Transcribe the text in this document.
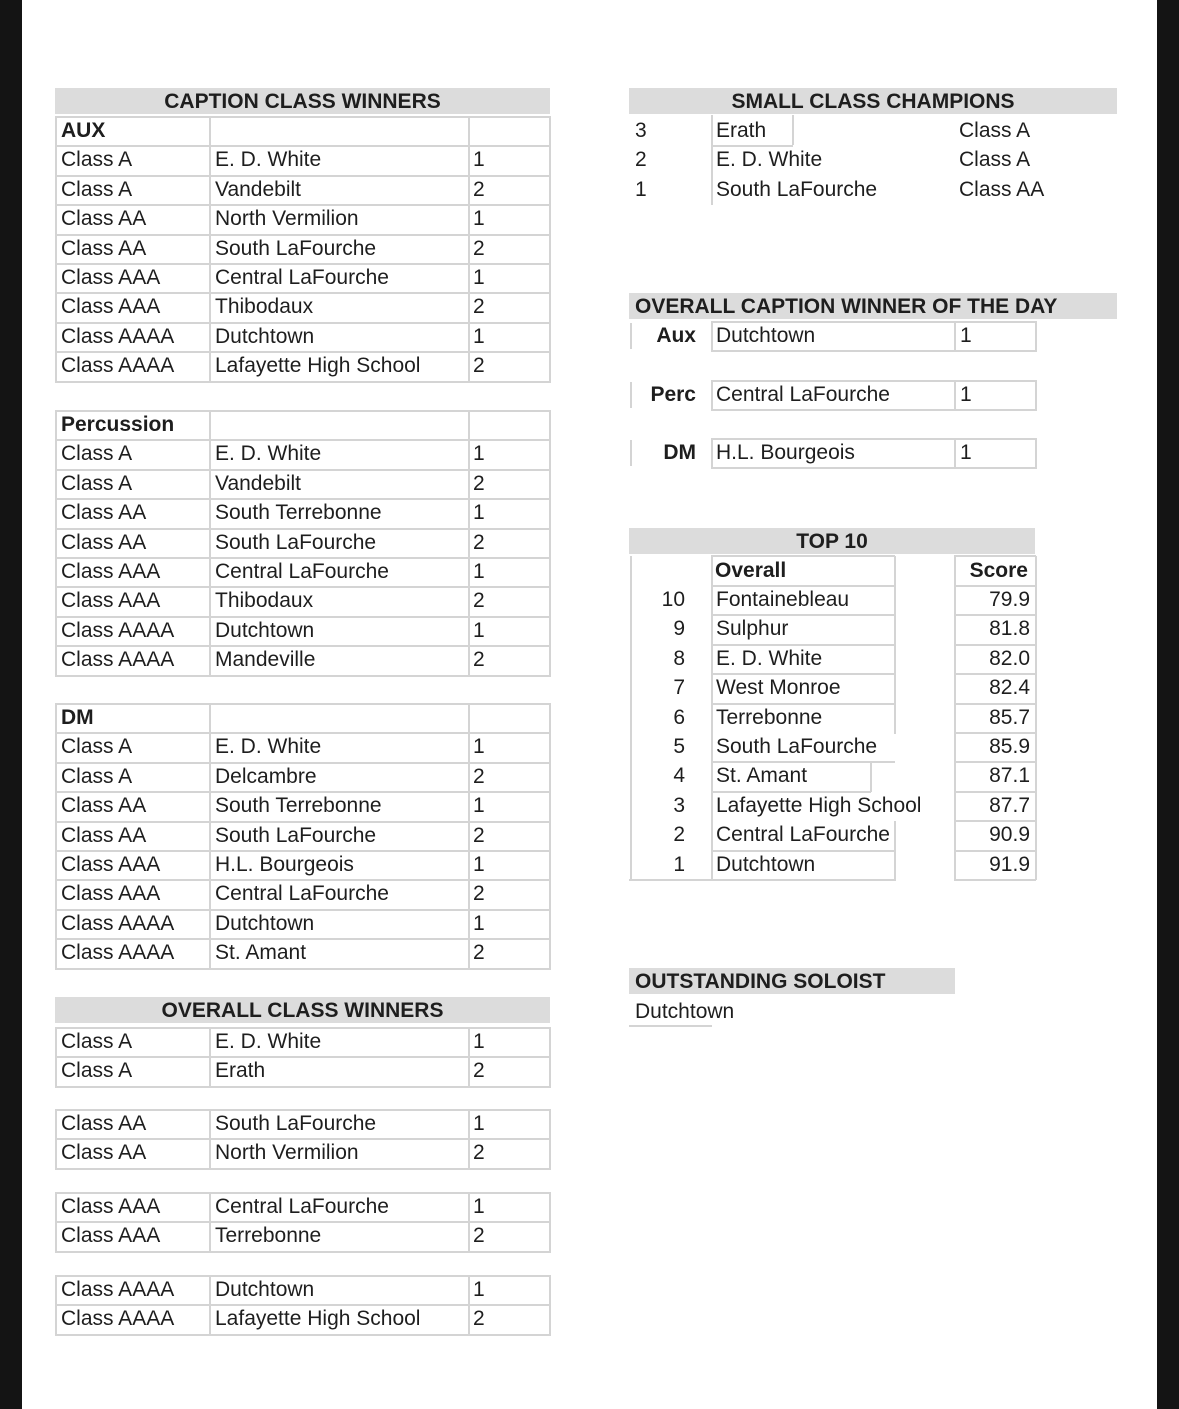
CAPTION CLASS WINNERS
AUX
Class A	E. D. White	1
Class A	Vandebilt	2
Class AA	North Vermilion	1
Class AA	South LaFourche	2
Class AAA	Central LaFourche	1
Class AAA	Thibodaux	2
Class AAAA Dutchtown	1
Class AAAA Lafayette High School	2
Percussion
Class A	E. D. White	1
Class A	Vandebilt	2
Class AA	South Terrebonne	1
Class AA	South LaFourche	2
Class AAA	Central LaFourche	1
Class AAA	Thibodaux	2
Class AAAA Dutchtown	1
Class AAAA Mandeville	2
DM
Class A	E. D. White	1
Class A	Delcambre	2
Class AA	South Terrebonne	1
Class AA	South LaFourche	2
Class AAA	H.L. Bourgeois	1
Class AAA	Central LaFourche	2
Class AAAA Dutchtown	1
Class AAAA St. Amant	2
OVERALL CLASS WINNERS
Class A	E. D. White	1
Class A	Erath	2
Class AA	South LaFourche	1
Class AA	North Vermilion	2
Class AAA	Central LaFourche	1
Class AAA	Terrebonne	2
Class AAAA Dutchtown	1
Class AAAA Lafayette High School	2
SMALL CLASS CHAMPIONS
3	Erath	Class A
2	E. D. White	Class A
1	South LaFourche	Class AA
OVERALL CAPTION WINNER OF THE DAY
Aux Dutchtown	1
Perc Central LaFourche	1
DM H.L. Bourgeois	1
TOP 10
Overall	Score
10 Fontainebleau	79.9
9 Sulphur	81.8
8 E. D. White	82.0
7 West Monroe	82.4
6 Terrebonne	85.7
5 South LaFourche	85.9
4 St. Amant	87.1
3 Lafayette High School	87.7
2 Central LaFourche	90.9
1 Dutchtown	91.9
OUTSTANDING SOLOIST
Dutchtown
